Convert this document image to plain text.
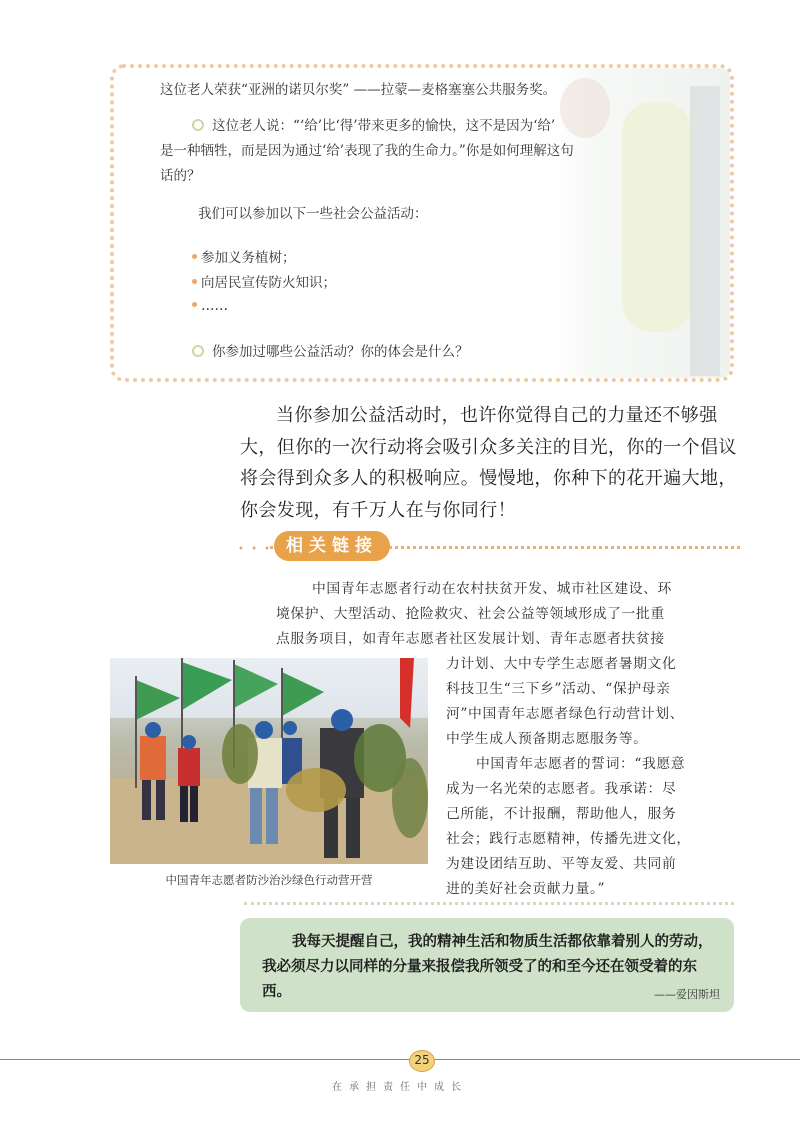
这位老人荣获“亚洲的诺贝尔奖” ——拉蒙—麦格塞塞公共服务奖。
这位老人说：“‘给’比‘得’带来更多的愉快，这不是因为‘给’
是一种牺牲，而是因为通过‘给’表现了我的生命力。”你是如何理解这句
话的？
我们可以参加以下一些社会公益活动：
参加义务植树；
向居民宣传防火知识；
……
你参加过哪些公益活动？你的体会是什么？

当你参加公益活动时，也许你觉得自己的力量还不够强大，但你的一次行动将会吸引众多关注的目光，你的一个倡议将会得到众多人的积极响应。慢慢地，你种下的花开遍大地，你会发现，有千万人在与你同行！

• • • 相关链接
中国青年志愿者行动在农村扶贫开发、城市社区建设、环
境保护、大型活动、抢险救灾、社会公益等领域形成了一批重
点服务项目，如青年志愿者社区发展计划、青年志愿者扶贫接
力计划、大中专学生志愿者暑期文化
科技卫生“三下乡”活动、“保护母亲
河”中国青年志愿者绿色行动营计划、
中学生成人预备期志愿服务等。
中国青年志愿者的誓词：“我愿意
成为一名光荣的志愿者。我承诺：尽
己所能，不计报酬，帮助他人，服务
社会；践行志愿精神，传播先进文化，
为建设团结互助、平等友爱、共同前
进的美好社会贡献力量。”
中国青年志愿者防沙治沙绿色行动营开营

我每天提醒自己，我的精神生活和物质生活都依靠着别人的劳动，我必须尽力以同样的分量来报偿我所领受了的和至今还在领受着的东西。	——爱因斯坦
25
在承担责任中成长
